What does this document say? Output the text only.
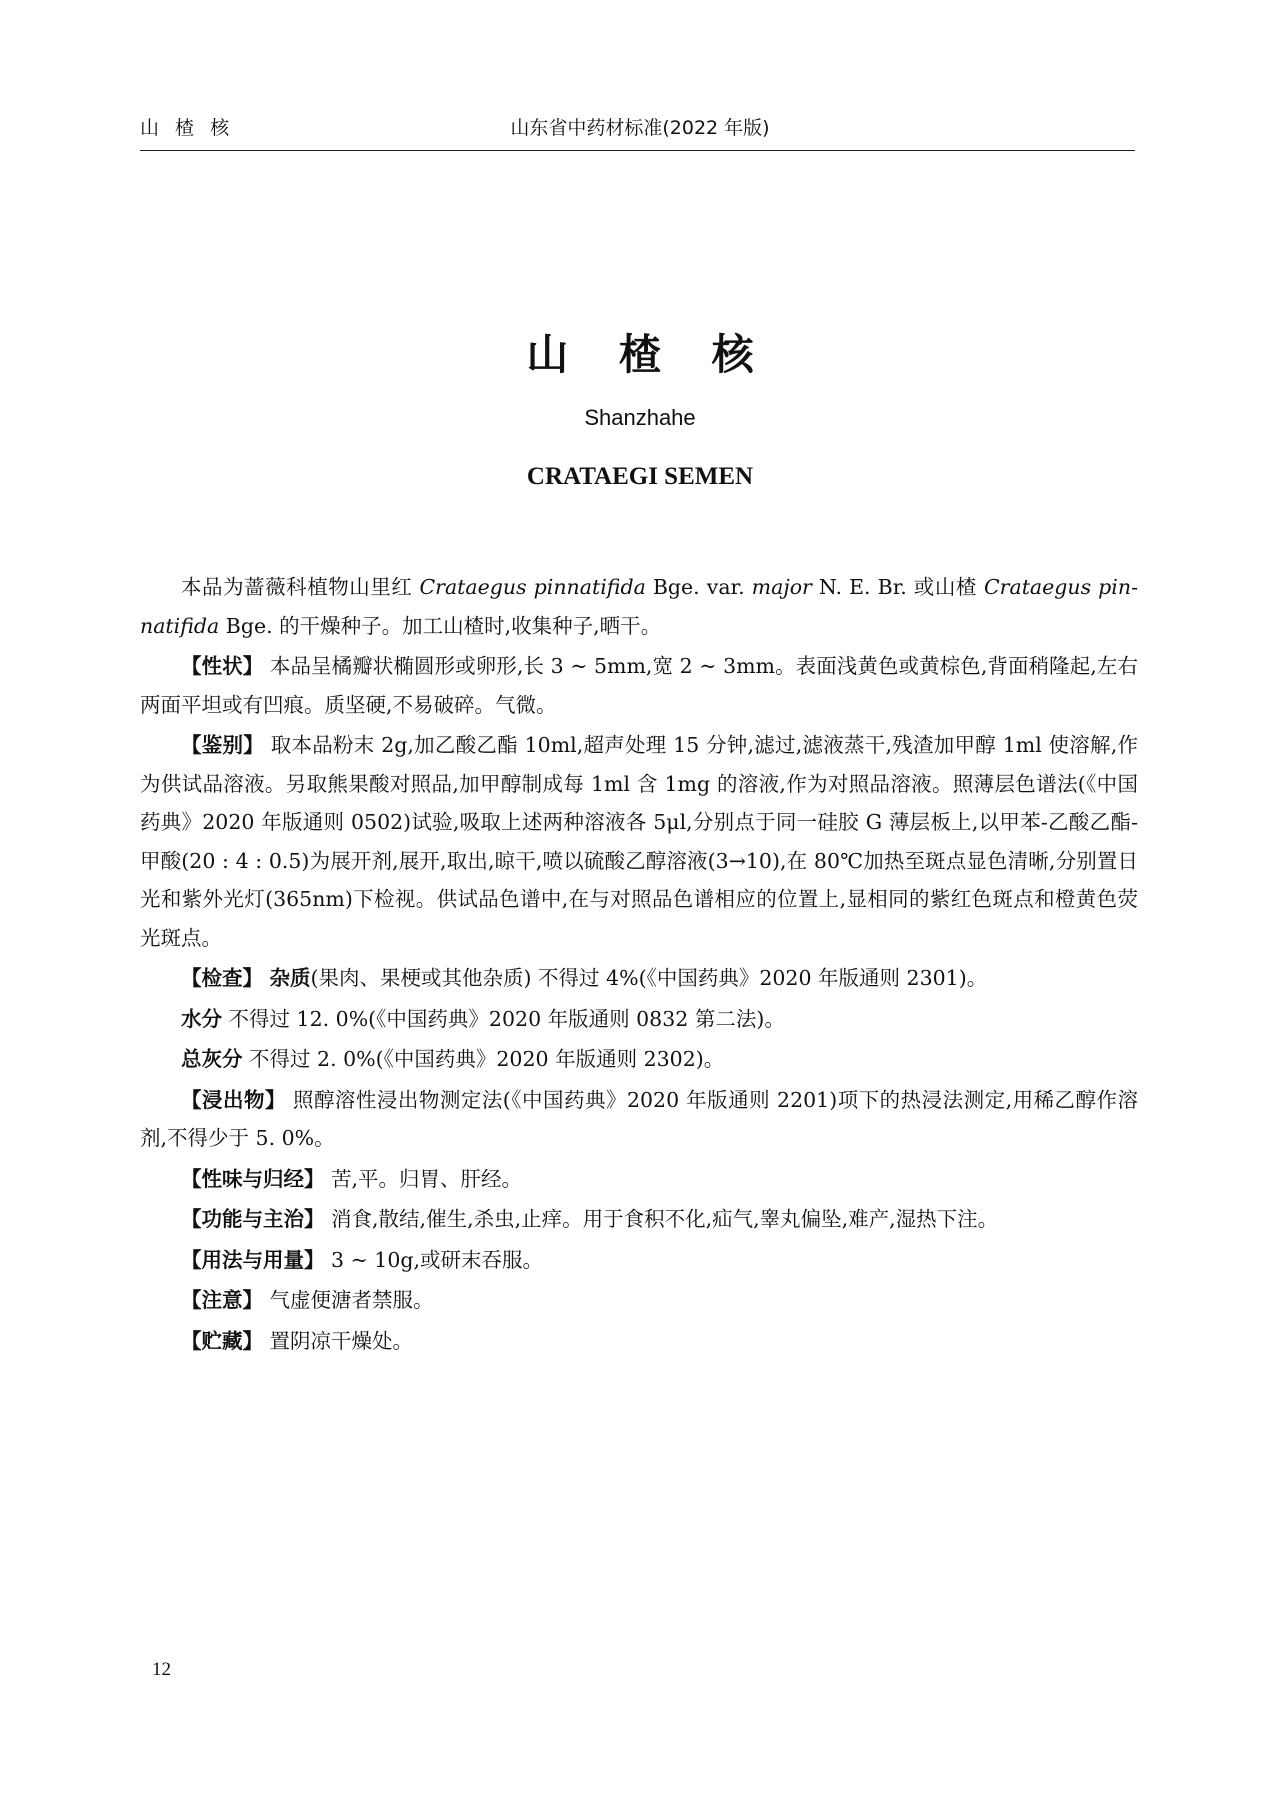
山 楂 核	山东省中药材标准(2022 年版)
山 楂 核
Shanzhahe
CRATAEGI SEMEN

本品为蔷薇科植物山里红 Crataegus pinnatifida Bge. var. major N. E. Br. 或山楂 Crataegus pin-natifida Bge. 的干燥种子。加工山楂时,收集种子,晒干。

【性状】 本品呈橘瓣状椭圆形或卵形,长 3 ~ 5mm,宽 2 ~ 3mm。表面浅黄色或黄棕色,背面稍隆起,左右两面平坦或有凹痕。质坚硬,不易破碎。气微。

【鉴别】 取本品粉末 2g,加乙酸乙酯 10ml,超声处理 15 分钟,滤过,滤液蒸干,残渣加甲醇 1ml 使溶解,作为供试品溶液。另取熊果酸对照品,加甲醇制成每 1ml 含 1mg 的溶液,作为对照品溶液。照薄层色谱法(《中国药典》2020 年版通则 0502)试验,吸取上述两种溶液各 5μl,分别点于同一硅胶 G 薄层板上,以甲苯-乙酸乙酯-甲酸(20 : 4 : 0.5)为展开剂,展开,取出,晾干,喷以硫酸乙醇溶液(3→10),在 80℃加热至斑点显色清晰,分别置日光和紫外光灯(365nm)下检视。供试品色谱中,在与对照品色谱相应的位置上,显相同的紫红色斑点和橙黄色荧光斑点。

【检查】 杂质(果肉、果梗或其他杂质) 不得过 4%(《中国药典》2020 年版通则 2301)。

水分 不得过 12. 0%(《中国药典》2020 年版通则 0832 第二法)。

总灰分 不得过 2. 0%(《中国药典》2020 年版通则 2302)。

【浸出物】 照醇溶性浸出物测定法(《中国药典》2020 年版通则 2201)项下的热浸法测定,用稀乙醇作溶剂,不得少于 5. 0%。

【性味与归经】 苦,平。归胃、肝经。

【功能与主治】 消食,散结,催生,杀虫,止痒。用于食积不化,疝气,睾丸偏坠,难产,湿热下注。

【用法与用量】 3 ~ 10g,或研末吞服。

【注意】 气虚便溏者禁服。

【贮藏】 置阴凉干燥处。

12
